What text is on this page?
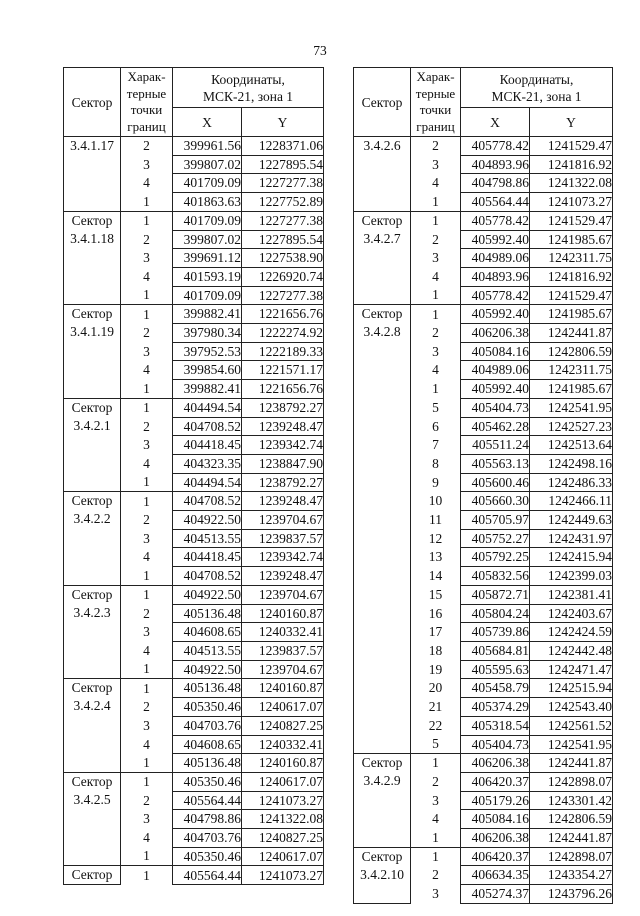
73
Сектор	Харак-
терные
точки
границ	Координаты,
МСК-21, зона 1	
		X	Y
3.4.1.17	2	399961.56	1228371.06
	3	399807.02	1227895.54
	4	401709.09	1227277.38
	1	401863.63	1227752.89
Сектор
3.4.1.18	1	401709.09	1227277.38
	2	399807.02	1227895.54
	3	399691.12	1227538.90
	4	401593.19	1226920.74
	1	401709.09	1227277.38
Сектор
3.4.1.19	1	399882.41	1221656.76
	2	397980.34	1222274.92
	3	397952.53	1222189.33
	4	399854.60	1221571.17
	1	399882.41	1221656.76
Сектор
3.4.2.1	1	404494.54	1238792.27
	2	404708.52	1239248.47
	3	404418.45	1239342.74
	4	404323.35	1238847.90
	1	404494.54	1238792.27
Сектор
3.4.2.2	1	404708.52	1239248.47
	2	404922.50	1239704.67
	3	404513.55	1239837.57
	4	404418.45	1239342.74
	1	404708.52	1239248.47
Сектор
3.4.2.3	1	404922.50	1239704.67
	2	405136.48	1240160.87
	3	404608.65	1240332.41
	4	404513.55	1239837.57
	1	404922.50	1239704.67
Сектор
3.4.2.4	1	405136.48	1240160.87
	2	405350.46	1240617.07
	3	404703.76	1240827.25
	4	404608.65	1240332.41
	1	405136.48	1240160.87
Сектор
3.4.2.5	1	405350.46	1240617.07
	2	405564.44	1241073.27
	3	404798.86	1241322.08
	4	404703.76	1240827.25
	1	405350.46	1240617.07
Сектор	1	405564.44	1241073.27
Сектор	Харак-
терные
точки
границ	Координаты,
МСК-21, зона 1	
		X	Y
3.4.2.6	2	405778.42	1241529.47
	3	404893.96	1241816.92
	4	404798.86	1241322.08
	1	405564.44	1241073.27
Сектор
3.4.2.7	1	405778.42	1241529.47
	2	405992.40	1241985.67
	3	404989.06	1242311.75
	4	404893.96	1241816.92
	1	405778.42	1241529.47
Сектор
3.4.2.8	1	405992.40	1241985.67
	2	406206.38	1242441.87
	3	405084.16	1242806.59
	4	404989.06	1242311.75
	1	405992.40	1241985.67
	5	405404.73	1242541.95
	6	405462.28	1242527.23
	7	405511.24	1242513.64
	8	405563.13	1242498.16
	9	405600.46	1242486.33
	10	405660.30	1242466.11
	11	405705.97	1242449.63
	12	405752.27	1242431.97
	13	405792.25	1242415.94
	14	405832.56	1242399.03
	15	405872.71	1242381.41
	16	405804.24	1242403.67
	17	405739.86	1242424.59
	18	405684.81	1242442.48
	19	405595.63	1242471.47
	20	405458.79	1242515.94
	21	405374.29	1242543.40
	22	405318.54	1242561.52
	5	405404.73	1242541.95
Сектор
3.4.2.9	1	406206.38	1242441.87
	2	406420.37	1242898.07
	3	405179.26	1243301.42
	4	405084.16	1242806.59
	1	406206.38	1242441.87
Сектор
3.4.2.10	1	406420.37	1242898.07
	2	406634.35	1243354.27
	3	405274.37	1243796.26
